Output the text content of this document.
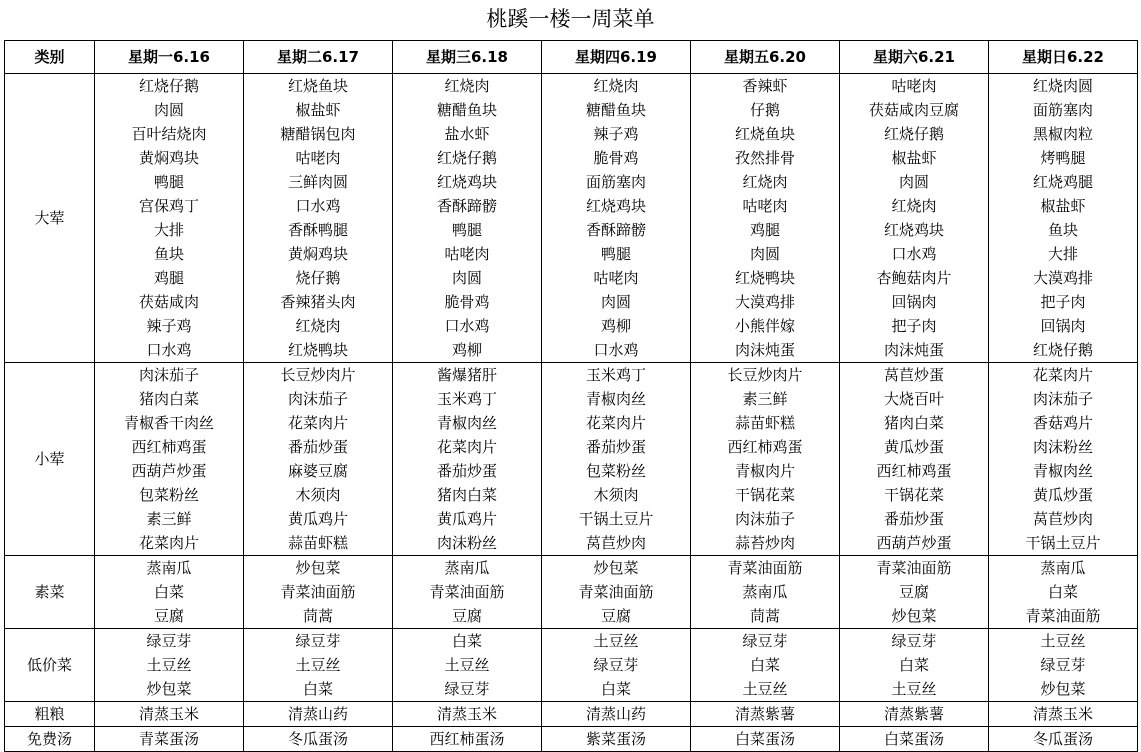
桃蹊一楼一周菜单
类别	星期一6.16	星期二6.17	星期三6.18	星期四6.19	星期五6.20	星期六6.21	星期日6.22
大荤	红烧仔鹅	红烧鱼块	红烧肉	红烧肉	香辣虾	咕咾肉	红烧肉圆
	肉圆	椒盐虾	糖醋鱼块	糖醋鱼块	仔鹅	茯菇咸肉豆腐	面筋塞肉
	百叶结烧肉	糖醋锅包肉	盐水虾	辣子鸡	红烧鱼块	红烧仔鹅	黑椒肉粒
	黄焖鸡块	咕咾肉	红烧仔鹅	脆骨鸡	孜然排骨	椒盐虾	烤鸭腿
	鸭腿	三鲜肉圆	红烧鸡块	面筋塞肉	红烧肉	肉圆	红烧鸡腿
	宫保鸡丁	口水鸡	香酥蹄髈	红烧鸡块	咕咾肉	红烧肉	椒盐虾
	大排	香酥鸭腿	鸭腿	香酥蹄髈	鸡腿	红烧鸡块	鱼块
	鱼块	黄焖鸡块	咕咾肉	鸭腿	肉圆	口水鸡	大排
	鸡腿	烧仔鹅	肉圆	咕咾肉	红烧鸭块	杏鲍菇肉片	大漠鸡排
	茯菇咸肉	香辣猪头肉	脆骨鸡	肉圆	大漠鸡排	回锅肉	把子肉
	辣子鸡	红烧肉	口水鸡	鸡柳	小熊伴嫁	把子肉	回锅肉
	口水鸡	红烧鸭块	鸡柳	口水鸡	肉沫炖蛋	肉沫炖蛋	红烧仔鹅
小荤	肉沫茄子	长豆炒肉片	酱爆猪肝	玉米鸡丁	长豆炒肉片	莴苣炒蛋	花菜肉片
	猪肉白菜	肉沫茄子	玉米鸡丁	青椒肉丝	素三鲜	大烧百叶	肉沫茄子
	青椒香干肉丝	花菜肉片	青椒肉丝	花菜肉片	蒜苗虾糕	猪肉白菜	香菇鸡片
	西红柿鸡蛋	番茄炒蛋	花菜肉片	番茄炒蛋	西红柿鸡蛋	黄瓜炒蛋	肉沫粉丝
	西葫芦炒蛋	麻婆豆腐	番茄炒蛋	包菜粉丝	青椒肉片	西红柿鸡蛋	青椒肉丝
	包菜粉丝	木须肉	猪肉白菜	木须肉	干锅花菜	干锅花菜	黄瓜炒蛋
	素三鲜	黄瓜鸡片	黄瓜鸡片	干锅土豆片	肉沫茄子	番茄炒蛋	莴苣炒肉
	花菜肉片	蒜苗虾糕	肉沫粉丝	莴苣炒肉	蒜苔炒肉	西葫芦炒蛋	干锅土豆片
素菜	蒸南瓜	炒包菜	蒸南瓜	炒包菜	青菜油面筋	青菜油面筋	蒸南瓜
	白菜	青菜油面筋	青菜油面筋	青菜油面筋	蒸南瓜	豆腐	白菜
	豆腐	茼蒿	豆腐	豆腐	茼蒿	炒包菜	青菜油面筋
低价菜	绿豆芽	绿豆芽	白菜	土豆丝	绿豆芽	绿豆芽	土豆丝
	土豆丝	土豆丝	土豆丝	绿豆芽	白菜	白菜	绿豆芽
	炒包菜	白菜	绿豆芽	白菜	土豆丝	土豆丝	炒包菜
粗粮	清蒸玉米	清蒸山药	清蒸玉米	清蒸山药	清蒸紫薯	清蒸紫薯	清蒸玉米
免费汤	青菜蛋汤	冬瓜蛋汤	西红柿蛋汤	紫菜蛋汤	白菜蛋汤	白菜蛋汤	冬瓜蛋汤
